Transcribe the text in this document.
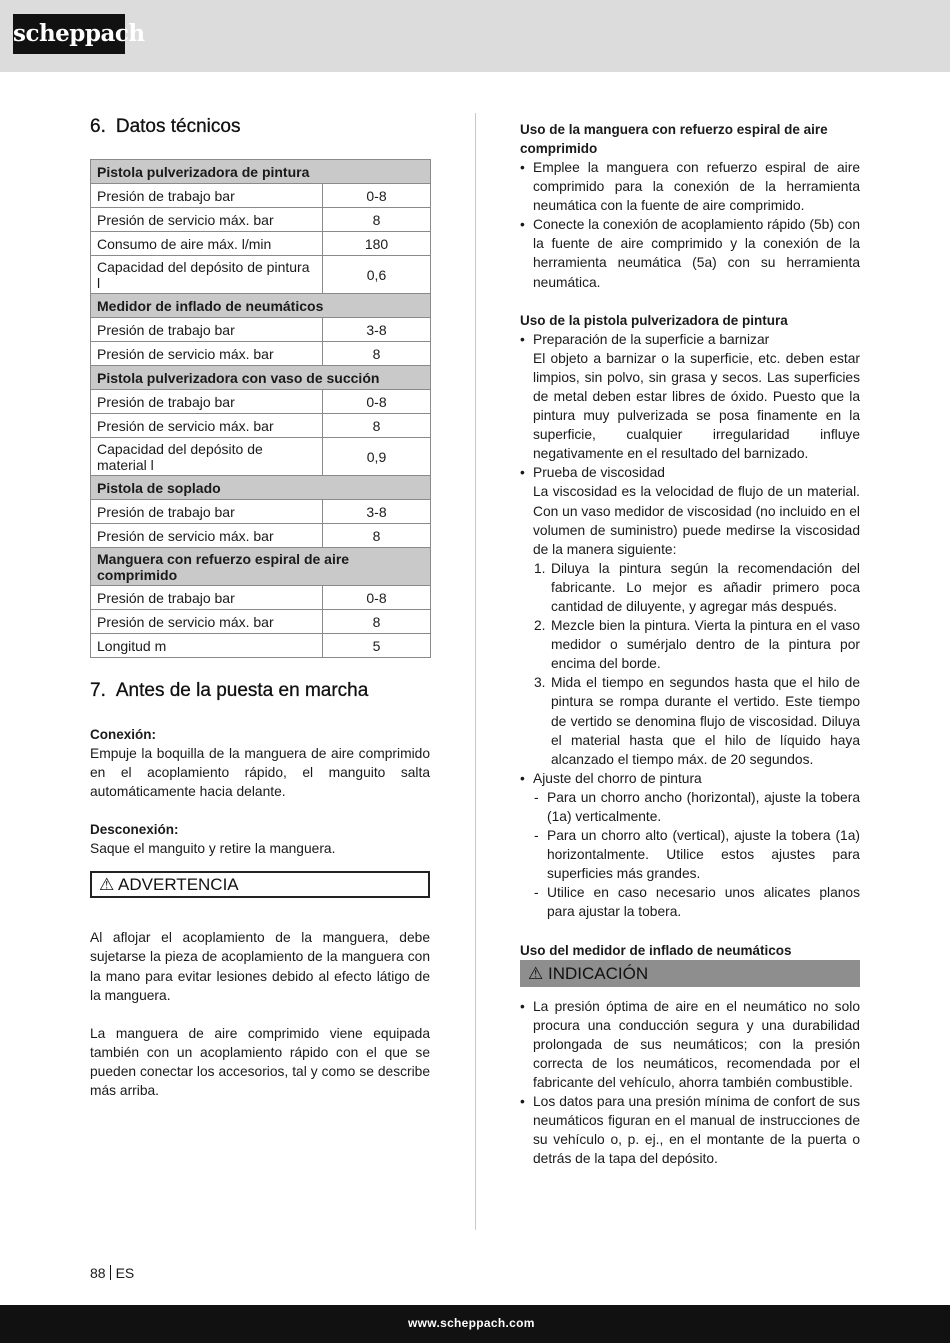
scheppach
6. Datos técnicos
Pistola pulverizadora de pintura	
Presión de trabajo bar	0-8
Presión de servicio máx. bar	8
Consumo de aire máx. l/min	180
Capacidad del depósito de pintura l	0,6
Medidor de inflado de neumáticos	
Presión de trabajo bar	3-8
Presión de servicio máx. bar	8
Pistola pulverizadora con vaso de succión	
Presión de trabajo bar	0-8
Presión de servicio máx. bar	8
Capacidad del depósito de material l	0,9
Pistola de soplado	
Presión de trabajo bar	3-8
Presión de servicio máx. bar	8
Manguera con refuerzo espiral de aire comprimido	
Presión de trabajo bar	0-8
Presión de servicio máx. bar	8
Longitud m	5
7. Antes de la puesta en marcha
Conexión:

Empuje la boquilla de la manguera de aire comprimido en el acoplamiento rápido, el manguito salta automáticamente hacia delante.

Desconexión:

Saque el manguito y retire la manguera.

⚠ ADVERTENCIA

Al aflojar el acoplamiento de la manguera, debe sujetarse la pieza de acoplamiento de la manguera con la mano para evitar lesiones debido al efecto látigo de la manguera.

La manguera de aire comprimido viene equipada también con un acoplamiento rápido con el que se pueden conectar los accesorios, tal y como se describe más arriba.

Uso de la manguera con refuerzo espiral de aire comprimido
• Emplee la manguera con refuerzo espiral de aire comprimido para la conexión de la herramienta neumática con la fuente de aire comprimido.
• Conecte la conexión de acoplamiento rápido (5b) con la fuente de aire comprimido y la conexión de la herramienta neumática (5a) con su herramienta neumática.
Uso de la pistola pulverizadora de pintura
• Preparación de la superficie a barnizar
El objeto a barnizar o la superficie, etc. deben estar limpios, sin polvo, sin grasa y secos. Las superficies de metal deben estar libres de óxido. Puesto que la pintura muy pulverizada se posa finamente en la superficie, cualquier irregularidad influye negativamente en el resultado del barnizado.
• Prueba de viscosidad
La viscosidad es la velocidad de flujo de un material. Con un vaso medidor de viscosidad (no incluido en el volumen de suministro) puede medirse la viscosidad de la manera siguiente:
1. Diluya la pintura según la recomendación del fabricante. Lo mejor es añadir primero poca cantidad de diluyente, y agregar más después.
2. Mezcle bien la pintura. Vierta la pintura en el vaso medidor o sumérjalo dentro de la pintura por encima del borde.
3. Mida el tiempo en segundos hasta que el hilo de pintura se rompa durante el vertido. Este tiempo de vertido se denomina flujo de viscosidad. Diluya el material hasta que el hilo de líquido haya alcanzado el tiempo máx. de 20 segundos.
• Ajuste del chorro de pintura
- Para un chorro ancho (horizontal), ajuste la tobera (1a) verticalmente.
- Para un chorro alto (vertical), ajuste la tobera (1a) horizontalmente. Utilice estos ajustes para superficies más grandes.
- Utilice en caso necesario unos alicates planos para ajustar la tobera.
Uso del medidor de inflado de neumáticos
⚠ INDICACIÓN
• La presión óptima de aire en el neumático no solo procura una conducción segura y una durabilidad prolongada de sus neumáticos; con la presión correcta de los neumáticos, recomendada por el fabricante del vehículo, ahorra también combustible.
• Los datos para una presión mínima de confort de sus neumáticos figuran en el manual de instrucciones de su vehículo o, p. ej., en el montante de la puerta o detrás de la tapa del depósito.
88 ES
www.scheppach.com
